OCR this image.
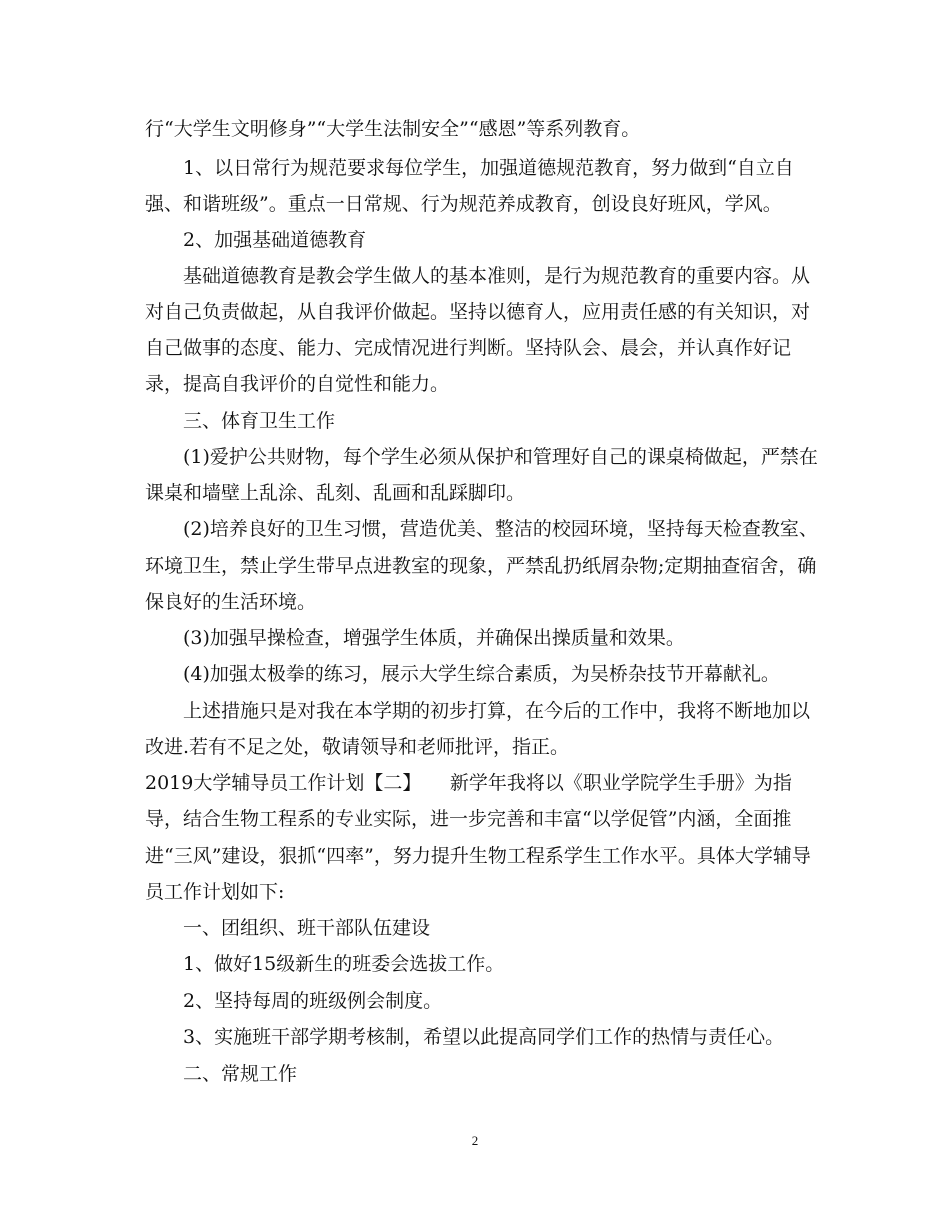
行“大学生文明修身”“大学生法制安全”“感恩”等系列教育。
1、以日常行为规范要求每位学生，加强道德规范教育，努力做到“自立自
强、和谐班级”。重点一日常规、行为规范养成教育，创设良好班风，学风。
2、加强基础道德教育
基础道德教育是教会学生做人的基本准则，是行为规范教育的重要内容。从
对自己负责做起，从自我评价做起。坚持以德育人，应用责任感的有关知识，对
自己做事的态度、能力、完成情况进行判断。坚持队会、晨会，并认真作好记
录，提高自我评价的自觉性和能力。
三、体育卫生工作
(1)爱护公共财物，每个学生必须从保护和管理好自己的课桌椅做起，严禁在
课桌和墙壁上乱涂、乱刻、乱画和乱踩脚印。
(2)培养良好的卫生习惯，营造优美、整洁的校园环境，坚持每天检查教室、
环境卫生，禁止学生带早点进教室的现象，严禁乱扔纸屑杂物;定期抽查宿舍，确
保良好的生活环境。
(3)加强早操检查，增强学生体质，并确保出操质量和效果。
(4)加强太极拳的练习，展示大学生综合素质，为吴桥杂技节开幕献礼。
上述措施只是对我在本学期的初步打算，在今后的工作中，我将不断地加以
改进.若有不足之处，敬请领导和老师批评，指正。
2019大学辅导员工作计划【二】　　新学年我将以《职业学院学生手册》为指
导，结合生物工程系的专业实际，进一步完善和丰富“以学促管”内涵，全面推
进“三风”建设，狠抓“四率”，努力提升生物工程系学生工作水平。具体大学辅导
员工作计划如下:
一、团组织、班干部队伍建设
1、做好15级新生的班委会选拔工作。
2、坚持每周的班级例会制度。
3、实施班干部学期考核制，希望以此提高同学们工作的热情与责任心。
二、常规工作
2
